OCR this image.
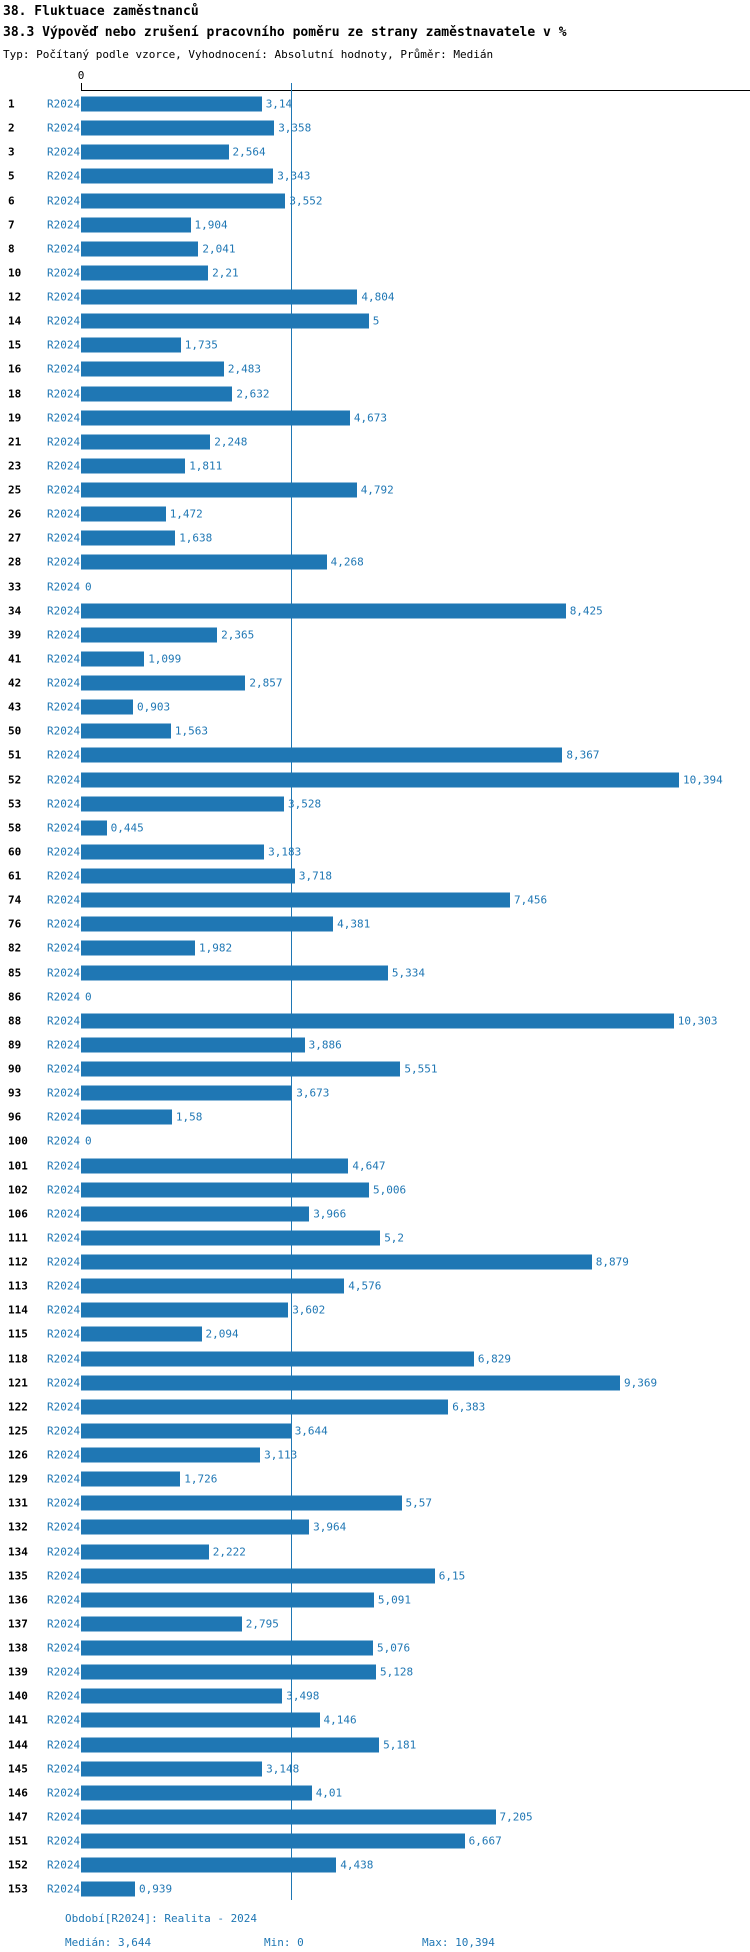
38. Fluktuace zaměstnanců
38.3 Výpověď nebo zrušení pracovního poměru ze strany zaměstnavatele v %
Typ: Počítaný podle vzorce, Vyhodnocení: Absolutní hodnoty, Průměr: Medián
0
1	R2024	3,14
2	R2024	3,358
3	R2024	2,564
5	R2024	3,343
6	R2024	3,552
7	R2024	1,904
8	R2024	2,041
10 R2024	2,21
12 R2024	4,804
14 R2024	5
15 R2024	1,735
16 R2024	2,483
18 R2024	2,632
19 R2024	4,673
21 R2024	2,248
23 R2024	1,811
25 R2024	4,792
26 R2024	1,472
27 R2024	1,638
28 R2024	4,268
33 R2024 0
34 R2024	8,425
39 R2024	2,365
41 R2024	1,099
42 R2024	2,857
43 R2024	0,903
50 R2024	1,563
51 R2024	8,367
52 R2024	10,394
53 R2024	3,528
58 R2024	0,445
60 R2024	3,183
61 R2024	3,718
74 R2024	7,456
76 R2024	4,381
82 R2024	1,982
85 R2024	5,334
86 R2024 0
88 R2024	10,303
89 R2024	3,886
90 R2024	5,551
93 R2024	3,673
96 R2024	1,58
100 R2024 0
101 R2024	4,647
102 R2024	5,006
106 R2024	3,966
111 R2024	5,2
112 R2024	8,879
113 R2024	4,576
114 R2024	3,602
115 R2024	2,094
118 R2024	6,829
121 R2024	9,369
122 R2024	6,383
125 R2024	3,644
126 R2024	3,113
129 R2024	1,726
131 R2024	5,57
132 R2024	3,964
134 R2024	2,222
135 R2024	6,15
136 R2024	5,091
137 R2024	2,795
138 R2024	5,076
139 R2024	5,128
140 R2024	3,498
141 R2024	4,146
144 R2024	5,181
145 R2024	3,148
146 R2024	4,01
147 R2024	7,205
151 R2024	6,667
152 R2024	4,438
153 R2024	0,939
Období[R2024]: Realita - 2024
Medián: 3,644	Min: 0	Max: 10,394
